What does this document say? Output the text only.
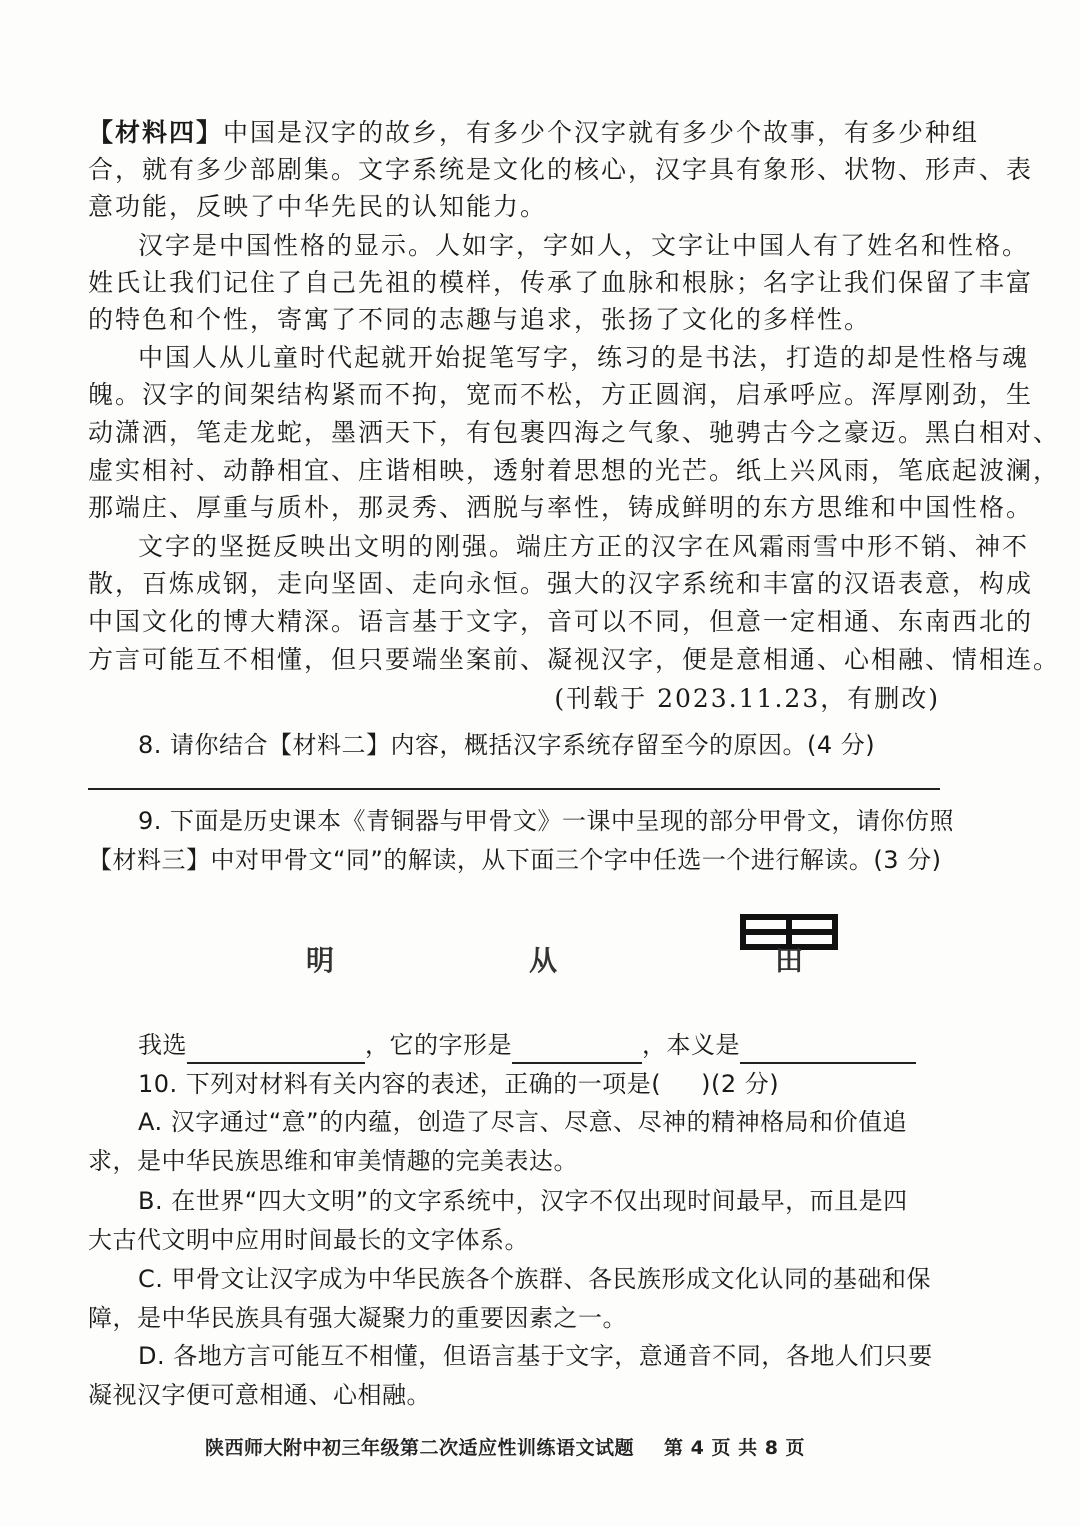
【材料四】中国是汉字的故乡，有多少个汉字就有多少个故事，有多少种组
合，就有多少部剧集。文字系统是文化的核心，汉字具有象形、状物、形声、表
意功能，反映了中华先民的认知能力。
汉字是中国性格的显示。人如字，字如人，文字让中国人有了姓名和性格。
姓氏让我们记住了自己先祖的模样，传承了血脉和根脉；名字让我们保留了丰富
的特色和个性，寄寓了不同的志趣与追求，张扬了文化的多样性。
中国人从儿童时代起就开始捉笔写字，练习的是书法，打造的却是性格与魂
魄。汉字的间架结构紧而不拘，宽而不松，方正圆润，启承呼应。浑厚刚劲，生
动潇洒，笔走龙蛇，墨洒天下，有包裹四海之气象、驰骋古今之豪迈。黑白相对、
虚实相衬、动静相宜、庄谐相映，透射着思想的光芒。纸上兴风雨，笔底起波澜，
那端庄、厚重与质朴，那灵秀、洒脱与率性，铸成鲜明的东方思维和中国性格。
文字的坚挺反映出文明的刚强。端庄方正的汉字在风霜雨雪中形不销、神不
散，百炼成钢，走向坚固、走向永恒。强大的汉字系统和丰富的汉语表意，构成
中国文化的博大精深。语言基于文字，音可以不同，但意一定相通、东南西北的
方言可能互不相懂，但只要端坐案前、凝视汉字，便是意相通、心相融、情相连。
(刊载于 2023.11.23，有删改)
8. 请你结合【材料二】内容，概括汉字系统存留至今的原因。(4 分)
9. 下面是历史课本《青铜器与甲骨文》一课中呈现的部分甲骨文，请你仿照
【材料三】中对甲骨文“同”的解读，从下面三个字中任选一个进行解读。(3 分)
明	从	田
我选	，它的字形是	，本义是
10. 下列对材料有关内容的表述，正确的一项是( )(2 分)
A. 汉字通过“意”的内蕴，创造了尽言、尽意、尽神的精神格局和价值追
求，是中华民族思维和审美情趣的完美表达。
B. 在世界“四大文明”的文字系统中，汉字不仅出现时间最早，而且是四
大古代文明中应用时间最长的文字体系。
C. 甲骨文让汉字成为中华民族各个族群、各民族形成文化认同的基础和保
障，是中华民族具有强大凝聚力的重要因素之一。
D. 各地方言可能互不相懂，但语言基于文字，意通音不同，各地人们只要
凝视汉字便可意相通、心相融。
陕西师大附中初三年级第二次适应性训练语文试题 第 4 页 共 8 页
